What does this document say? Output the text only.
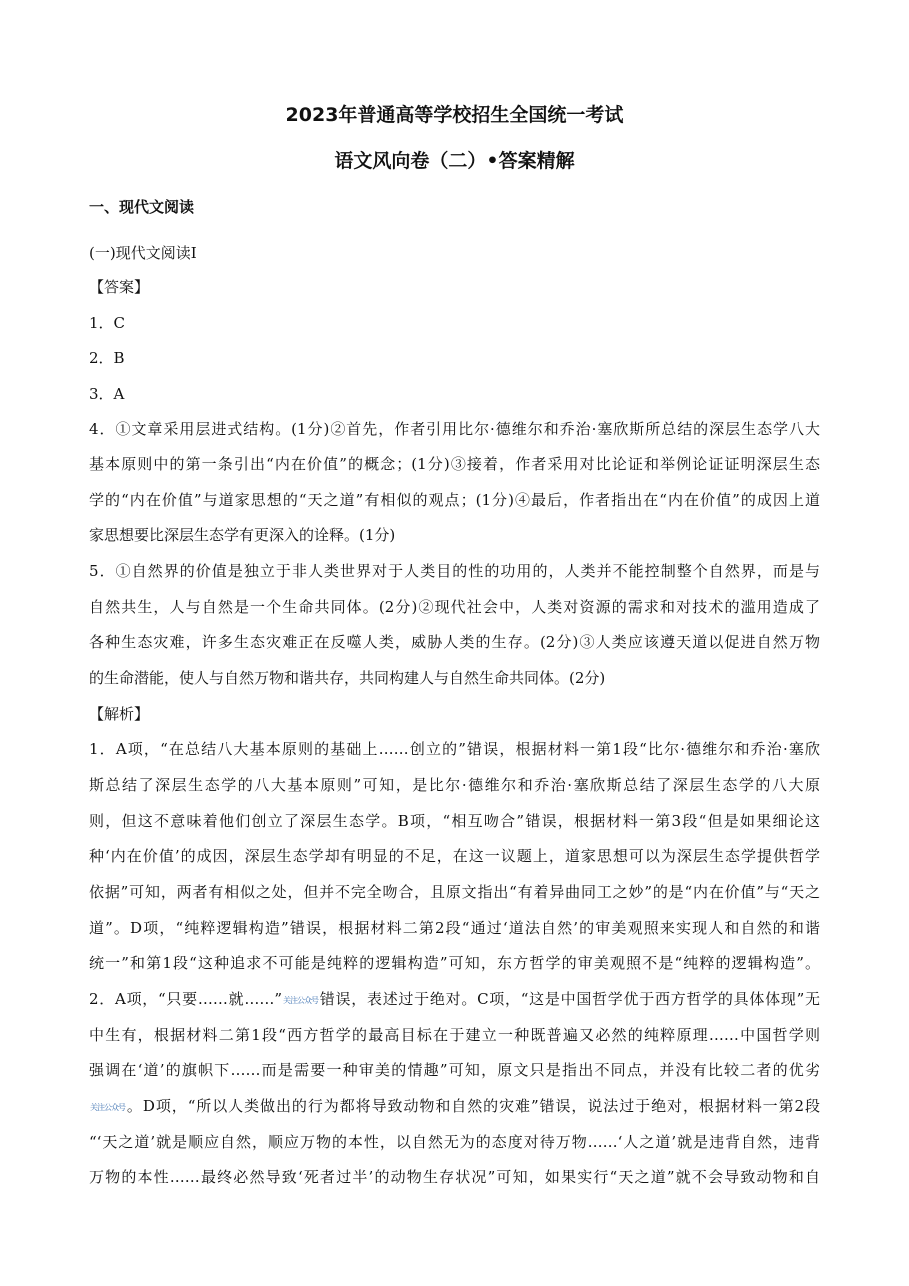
2023年普通高等学校招生全国统一考试
语文风向卷（二）•答案精解
一、现代文阅读
(一)现代文阅读I
【答案】
1．C
2．B
3．A
4．①文章采用层进式结构。(1分)②首先，作者引用比尔·德维尔和乔治·塞欣斯所总结的深层生态学八大
基本原则中的第一条引出“内在价值”的概念；(1分)③接着，作者采用对比论证和举例论证证明深层生态
学的“内在价值”与道家思想的“天之道”有相似的观点；(1分)④最后，作者指出在“内在价值”的成因上道
家思想要比深层生态学有更深入的诠释。(1分)
5．①自然界的价值是独立于非人类世界对于人类目的性的功用的，人类并不能控制整个自然界，而是与
自然共生，人与自然是一个生命共同体。(2分)②现代社会中，人类对资源的需求和对技术的滥用造成了
各种生态灾难，许多生态灾难正在反噬人类，威胁人类的生存。(2分)③人类应该遵天道以促进自然万物
的生命潜能，使人与自然万物和谐共存，共同构建人与自然生命共同体。(2分)
【解析】
1．A项，“在总结八大基本原则的基础上……创立的”错误，根据材料一第1段“比尔·德维尔和乔治·塞欣
斯总结了深层生态学的八大基本原则”可知，是比尔·德维尔和乔治·塞欣斯总结了深层生态学的八大原
则，但这不意味着他们创立了深层生态学。B项，“相互吻合”错误，根据材料一第3段“但是如果细论这
种‘内在价值’的成因，深层生态学却有明显的不足，在这一议题上，道家思想可以为深层生态学提供哲学
依据”可知，两者有相似之处，但并不完全吻合，且原文指出“有着异曲同工之妙”的是“内在价值”与“天之
道”。D项，“纯粹逻辑构造”错误，根据材料二第2段“通过‘道法自然’的审美观照来实现人和自然的和谐
统一”和第1段“这种追求不可能是纯粹的逻辑构造”可知，东方哲学的审美观照不是“纯粹的逻辑构造”。
2．A项，“只要……就……”关注公众号错误，表述过于绝对。C项，“这是中国哲学优于西方哲学的具体体现”无
中生有，根据材料二第1段“西方哲学的最高目标在于建立一种既普遍又必然的纯粹原理……中国哲学则
强调在‘道’的旗帜下……而是需要一种审美的情趣”可知，原文只是指出不同点，并没有比较二者的优劣
关注公众号。D项，“所以人类做出的行为都将导致动物和自然的灾难”错误，说法过于绝对，根据材料一第2段
“‘天之道’就是顺应自然，顺应万物的本性，以自然无为的态度对待万物……‘人之道’就是违背自然，违背
万物的本性……最终必然导致‘死者过半’的动物生存状况”可知，如果实行“天之道”就不会导致动物和自
